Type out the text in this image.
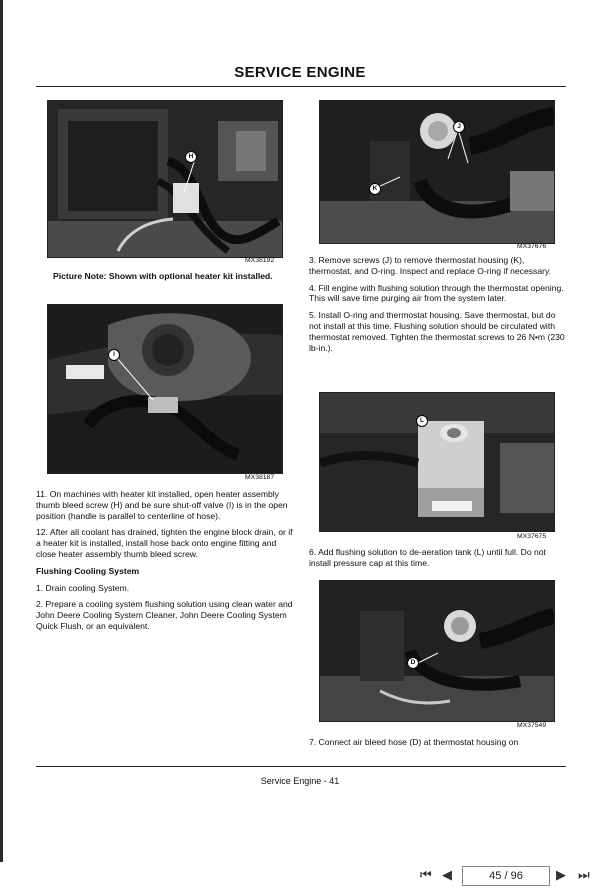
SERVICE ENGINE
H
MX38192
Picture Note: Shown with optional heater kit installed.
I
MX38187

11. On machines with heater kit installed, open heater assembly thumb bleed screw (H) and be sure shut-off valve (I) is in the open position (handle is parallel to centerline of hose).

12. After all coolant has drained, tighten the engine block drain, or if a heater kit is installed, install hose back onto engine fitting and close heater assembly thumb bleed screw.

Flushing Cooling System

1. Drain cooling System.

2. Prepare a cooling system flushing solution using clean water and John Deere Cooling System Cleaner, John Deere Cooling System Quick Flush, or an equivalent.

J
K
MX37676

3. Remove screws (J) to remove thermostat housing (K), thermostat, and O-ring. Inspect and replace O-ring if necessary.

4. Fill engine with flushing solution through the thermostat opening. This will save time purging air from the system later.

5. Install O-ring and thermostat housing. Save thermostat, but do not install at this time. Flushing solution should be circulated with thermostat removed. Tighten the thermostat screws to 26 N•m (230 lb-in.).

L
MX37675

6. Add flushing solution to de-aeration tank (L) until full. Do not install pressure cap at this time.

D
MX37549

7. Connect air bleed hose (D) at thermostat housing on

Service Engine - 41
⏮ ◀	45 / 96	▶ ⏭
